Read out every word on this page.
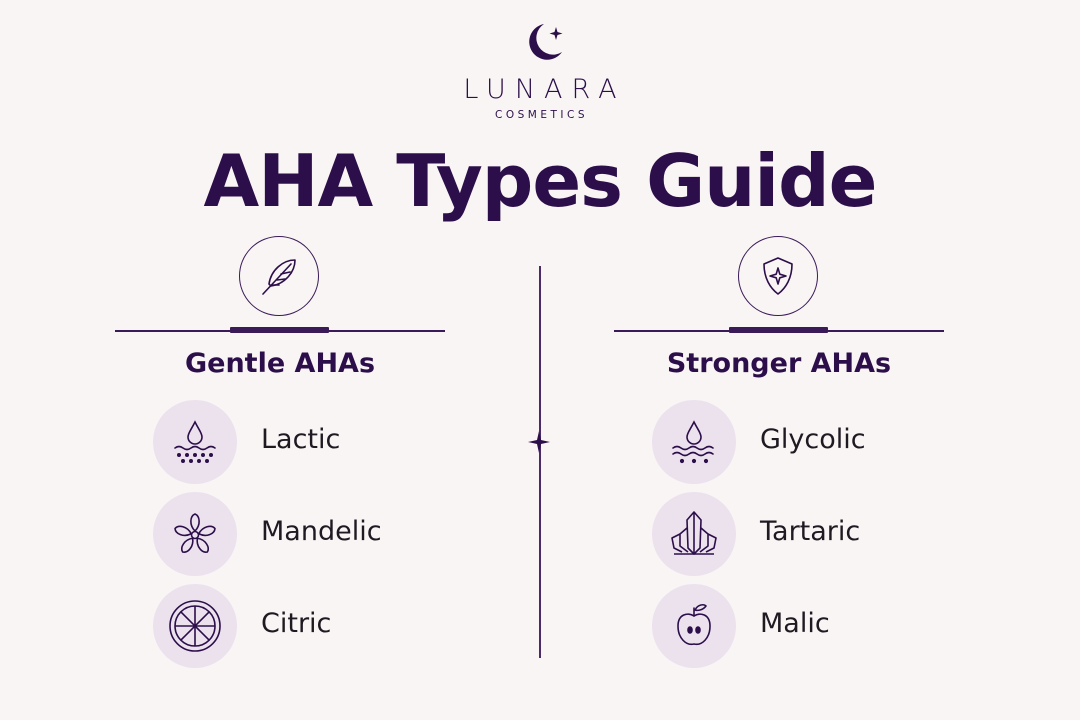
LUNARA
COSMETICS
AHA Types Guide
Gentle AHAs
Lactic
Mandelic
Citric
Stronger AHAs
Glycolic
Tartaric
Malic
